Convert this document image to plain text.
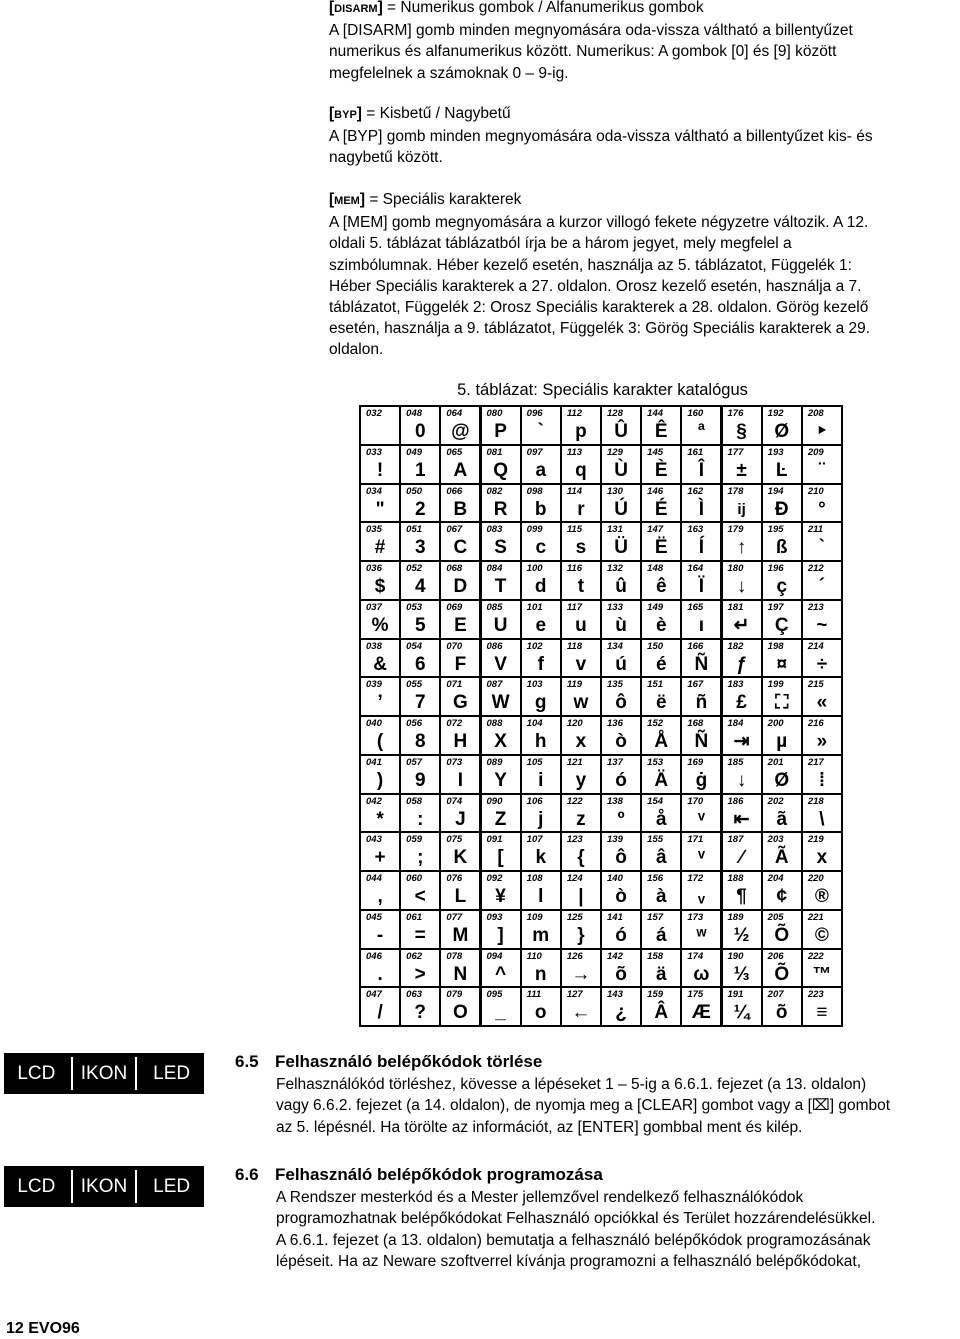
[DISARM] = Numerikus gombok / Alfanumerikus gombok
A [DISARM] gomb minden megnyomására oda-vissza váltható a billentyűzet
numerikus és alfanumerikus között. Numerikus: A gombok [0] és [9] között
megfelelnek a számoknak 0 – 9-ig.
[BYP] = Kisbetű / Nagybetű
A [BYP] gomb minden megnyomására oda-vissza váltható a billentyűzet kis- és
nagybetű között.
[MEM] = Speciális karakterek
A [MEM] gomb megnyomására a kurzor villogó fekete négyzetre változik. A 12.
oldali 5. táblázat táblázatból írja be a három jegyet, mely megfelel a
szimbólumnak. Héber kezelő esetén, használja az 5. táblázatot, Függelék 1:
Héber Speciális karakterek a 27. oldalon. Orosz kezelő esetén, használja a 7.
táblázatot, Függelék 2: Orosz Speciális karakterek a 28. oldalon. Görög kezelő
esetén, használja a 9. táblázatot, Függelék 3: Görög Speciális karakterek a 29.
oldalon.
5. táblázat: Speciális karakter katalógus
032
033
!
034
"
035
#
036
$
037
%
038
&
039
’
040
(
041
)
042
*
043
+
044
,
045
-
046
.
047
/
048
0
049
1
050
2
051
3
052
4
053
5
054
6
055
7
056
8
057
9
058
:
059
;
060
<
061
=
062
>
063
?
064
@
065
A
066
B
067
C
068
D
069
E
070
F
071
G
072
H
073
I
074
J
075
K
076
L
077
M
078
N
079
O
080
P
081
Q
082
R
083
S
084
T
085
U
086
V
087
W
088
X
089
Y
090
Z
091
[
092
¥
093
]
094
^
095
_
096
`
097
a
098
b
099
c
100
d
101
e
102
f
103
g
104
h
105
i
106
j
107
k
108
l
109
m
110
n
111
o
112
p
113
q
114
r
115
s
116
t
117
u
118
v
119
w
120
x
121
y
122
z
123
{
124
|
125
}
126
→
127
←
128
Û
129
Ù
130
Ú
131
Ü
132
û
133
ù
134
ú
135
ô
136
ò
137
ó
138
º
139
ô
140
ò
141
ó
142
õ
143
¿
144
Ê
145
È
146
É
147
Ë
148
ê
149
è
150
é
151
ë
152
Å
153
Ä
154
å
155
â
156
à
157
á
158
ä
159
Â
160
ª
161
Î
162
Ì
163
Í
164
Ï
165
ı
166
Ñ
167
ñ
168
Ñ
169
ġ
170
ᵛ
171
ᵛ
172
ᵥ
173
ʷ
174
ω
175
Æ
176
§
177
±
178
ij
179
↑
180
↓
181
↵
182
ƒ
183
£
184
⇥
185
↓
186
⇤
187
∕
188
¶
189
½
190
⅓
191
¼
192
Ø
193
Ŀ
194
Đ
195
ß
196
ç
197
Ç
198
¤
199
⛶
200
µ
201
Ø
202
ã
203
Ã
204
¢
205
Õ
206
Õ
207
õ
208
‣
209
¨
210
°
211
`
212
´
213
~
214
÷
215
«
216
»
217
⁞
218
\
219
x
220
®
221
©
222
™
223
≡
LCD	IKON	LED
6.5 Felhasználó belépőkódok törlése
Felhasználókód törléshez, kövesse a lépéseket 1 – 5-ig a 6.6.1. fejezet (a 13. oldalon)
vagy 6.6.2. fejezet (a 14. oldalon), de nyomja meg a [CLEAR] gombot vagy a [⌧] gombot
az 5. lépésnél. Ha törölte az információt, az [ENTER] gombbal ment és kilép.
LCD	IKON	LED
6.6 Felhasználó belépőkódok programozása
A Rendszer mesterkód és a Mester jellemzővel rendelkező felhasználókódok
programozhatnak belépőkódokat Felhasználó opciókkal és Terület hozzárendelésükkel.
A 6.6.1. fejezet (a 13. oldalon) bemutatja a felhasználó belépőkódok programozásának
lépéseit. Ha az Neware szoftverrel kívánja programozni a felhasználó belépőkódokat,
12 EVO96
